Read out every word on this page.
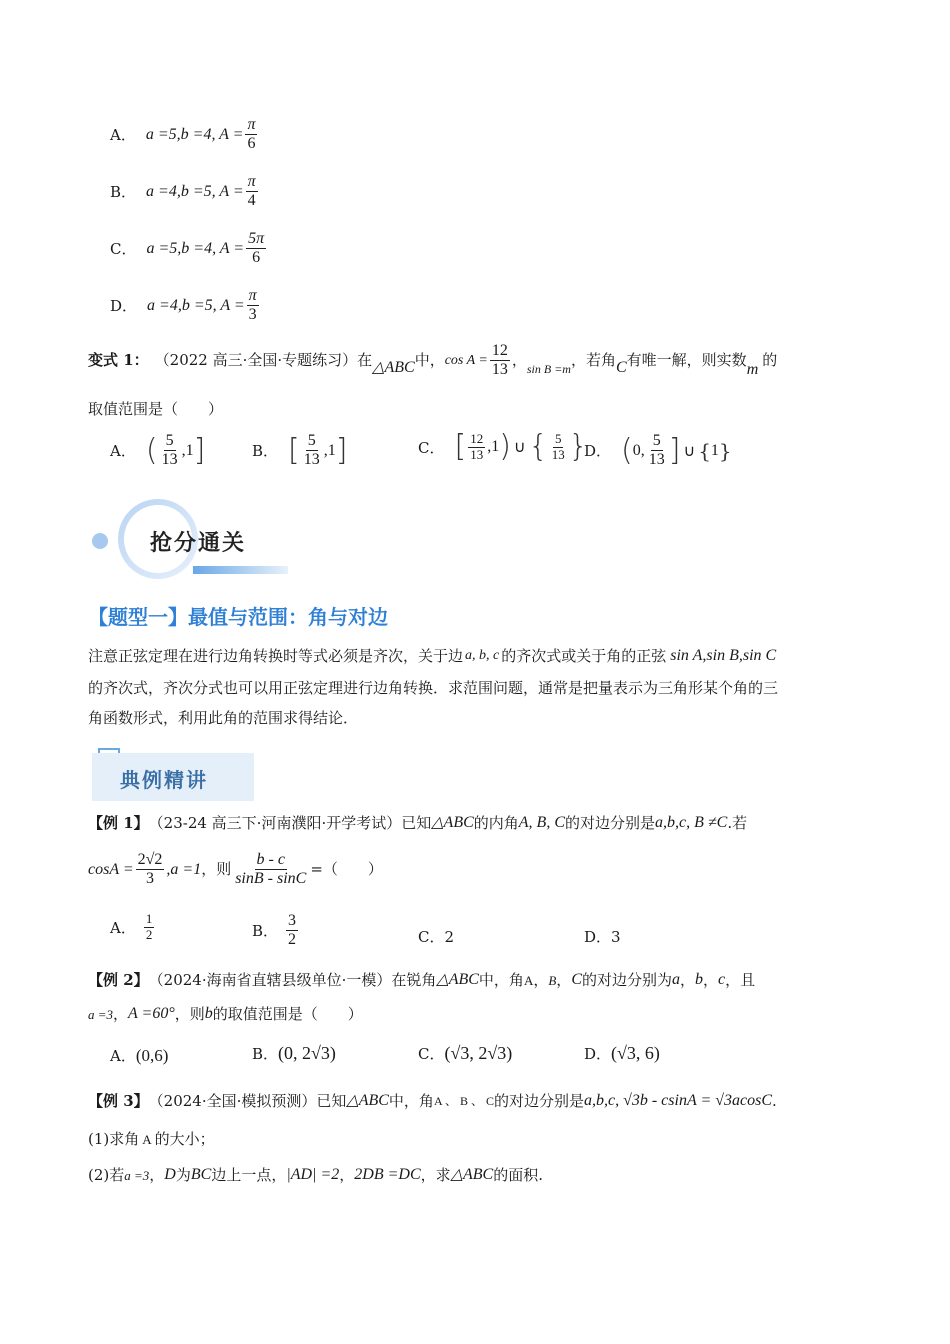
A． a =5,b =4, $A = \frac{\pi}{6}$
B． a =4,b =5, $A = \frac{\pi}{4}$
C． a =5,b =4, $A = \frac{5\pi}{6}$
D． a =4,b =5, $A = \frac{\pi}{3}$
变式 1： （2022 高三·全国·专题练习）在 △ABC 中， $\cos A = \frac{12}{13}$ ， sin B =m ，若角 C 有唯一解，则实数 m 的
取值范围是（　　）
A． ( $\frac{5}{13} ,1$ ]	B． [ $\frac{5}{13} ,1$ ]	C． [ $\frac{12}{13} ,1$ ) ∪ { $\frac{5}{13}$ }
D． ( 0, $\frac{5}{13}$ ] ∪ { 1 }
抢分通关
【题型一】最值与范围：角与对边
注意正弦定理在进行边角转换时等式必须是齐次，关于边 a, b, c 的齐次式或关于角的正弦 sin A,sin B,sin C
的齐次式，齐次分式也可以用正弦定理进行边角转换．求范围问题，通常是把量表示为三角形某个角的三
角函数形式，利用此角的范围求得结论．
典例精讲
【例 1】 （23-24 高三下·河南濮阳·开学考试）已知 △ABC 的内角 A, B, C 的对边分别是 a,b,c, B ≠C .若
$\cos A = \frac{2√2}{3} ,a =1$ ，则 $\frac{b - c}{\sin B - \sin C}$ =（　　）
A． $\frac{1}{2}$	B． $\frac{3}{2}$	C． 2	D． 3
【例 2】 （2024·海南省直辖县级单位·一模）在锐角 △ABC 中，角 A ， B ， C 的对边分别为 a ， b ， c ，且
a =3 ， A =60° ，则 b 的取值范围是（　　）
A． (0,6)	B． (0, 2√3)	C． (√3, 2√3)	D． (√3, 6)
【例 3】 （2024·全国·模拟预测）已知 △ABC 中，角 A 、 B 、 C 的对边分别是 a,b,c, √3b - csinA = √3acosC .
(1)求角 A 的大小；
(2)若 a =3 ， D 为 BC 边上一点， |AD| =2 ， 2DB =DC ，求 △ABC 的面积.
